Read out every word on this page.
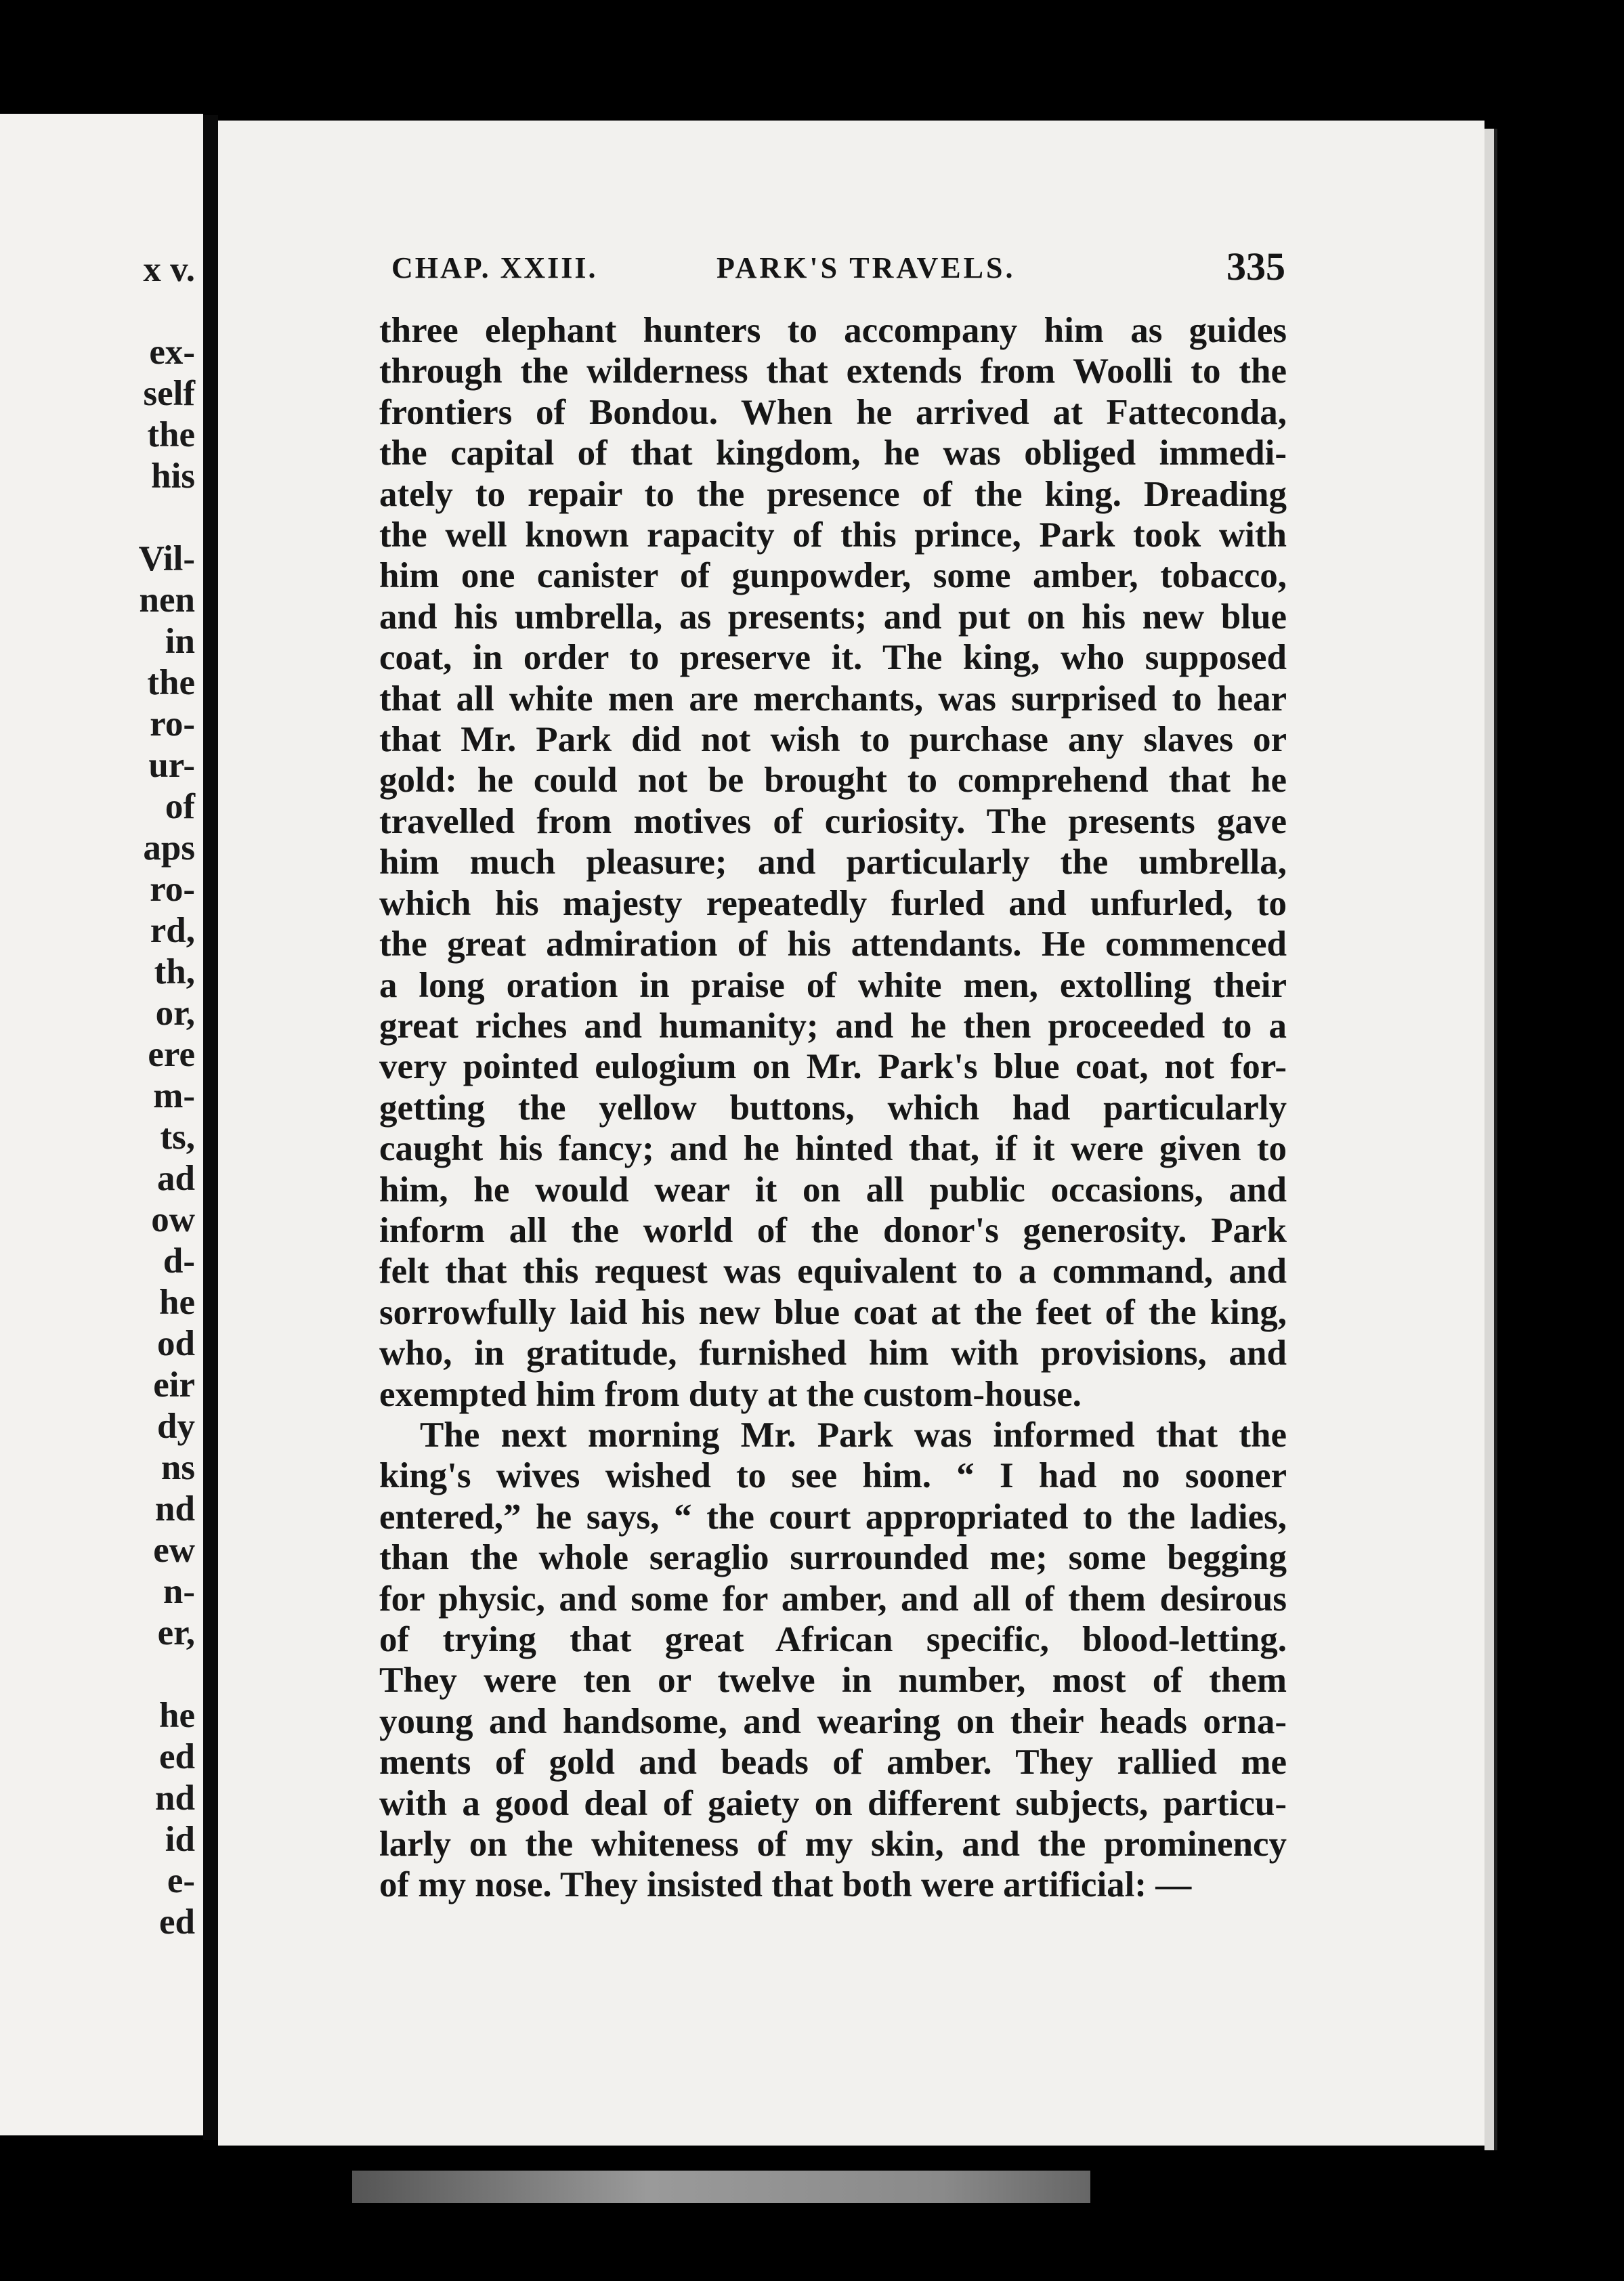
x v.

ex-
self
the
his

Vil-
nen
in
the
ro-
ur-
of
aps
ro-
rd,
th,
or,
ere
m-
ts,
ad
ow
d-
he
od
eir
dy
ns
nd
ew
n-
er,

he
ed
nd
id
e-
ed
CHAP. XXIII.	PARK'S TRAVELS.	335
three elephant hunters to accompany him as guides
through the wilderness that extends from Woolli to the
frontiers of Bondou. When he arrived at Fatteconda,
the capital of that kingdom, he was obliged immedi-
ately to repair to the presence of the king. Dreading
the well known rapacity of this prince, Park took with
him one canister of gunpowder, some amber, tobacco,
and his umbrella, as presents; and put on his new blue
coat, in order to preserve it. The king, who supposed
that all white men are merchants, was surprised to hear
that Mr. Park did not wish to purchase any slaves or
gold: he could not be brought to comprehend that he
travelled from motives of curiosity. The presents gave
him much pleasure; and particularly the umbrella,
which his majesty repeatedly furled and unfurled, to
the great admiration of his attendants. He commenced
a long oration in praise of white men, extolling their
great riches and humanity; and he then proceeded to a
very pointed eulogium on Mr. Park's blue coat, not for-
getting the yellow buttons, which had particularly
caught his fancy; and he hinted that, if it were given to
him, he would wear it on all public occasions, and
inform all the world of the donor's generosity. Park
felt that this request was equivalent to a command, and
sorrowfully laid his new blue coat at the feet of the king,
who, in gratitude, furnished him with provisions, and
exempted him from duty at the custom-house.
The next morning Mr. Park was informed that the
king's wives wished to see him. “ I had no sooner
entered,” he says, “ the court appropriated to the ladies,
than the whole seraglio surrounded me; some begging
for physic, and some for amber, and all of them desirous
of trying that great African specific, blood-letting.
They were ten or twelve in number, most of them
young and handsome, and wearing on their heads orna-
ments of gold and beads of amber. They rallied me
with a good deal of gaiety on different subjects, particu-
larly on the whiteness of my skin, and the prominency
of my nose. They insisted that both were artificial: —
